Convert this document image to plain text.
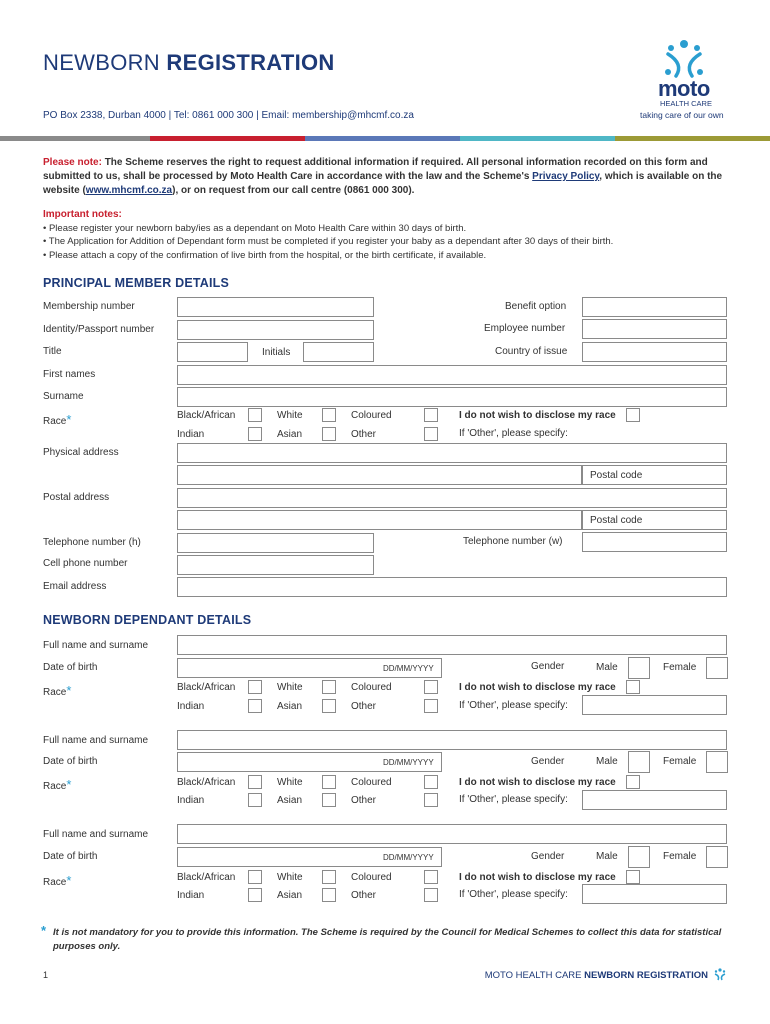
NEWBORN REGISTRATION
PO Box 2338, Durban 4000 | Tel: 0861 000 300 | Email: membership@mhcmf.co.za
moto
HEALTH CARE
taking care of our own
Please note: The Scheme reserves the right to request additional information if required. All personal information recorded on this form and submitted to us, shall be processed by Moto Health Care in accordance with the law and the Scheme's Privacy Policy, which is available on the website (www.mhcmf.co.za), or on request from our call centre (0861 000 300).
Important notes:
• Please register your newborn baby/ies as a dependant on Moto Health Care within 30 days of birth.
• The Application for Addition of Dependant form must be completed if you register your baby as a dependant after 30 days of their birth.
• Please attach a copy of the confirmation of live birth from the hospital, or the birth certificate, if available.
PRINCIPAL MEMBER DETAILS
Membership number	Benefit option
Identity/Passport number	Employee number
Title	Initials	Country of issue
First names
Surname
Race*	Black/African	White	Coloured	I do not wish to disclose my race
Indian	Asian	Other	If 'Other', please specify:
Physical address
Postal code
Postal address
Postal code
Telephone number (h)	Telephone number (w)
Cell phone number
Email address
NEWBORN DEPENDANT DETAILS
Full name and surname
Date of birth	DD/MM/YYYY	Gender	Male	Female
Race*	Black/African	White	Coloured	I do not wish to disclose my race
Indian	Asian	Other	If 'Other', please specify:
Full name and surname
Date of birth	DD/MM/YYYY	Gender	Male	Female
Race*	Black/African	White	Coloured	I do not wish to disclose my race
Indian	Asian	Other	If 'Other', please specify:
Full name and surname
Date of birth	DD/MM/YYYY	Gender	Male	Female
Race*	Black/African	White	Coloured	I do not wish to disclose my race
Indian	Asian	Other	If 'Other', please specify:
* It is not mandatory for you to provide this information. The Scheme is required by the Council for Medical Schemes to collect this data for statistical purposes only.
1	MOTO HEALTH CARE NEWBORN REGISTRATION
